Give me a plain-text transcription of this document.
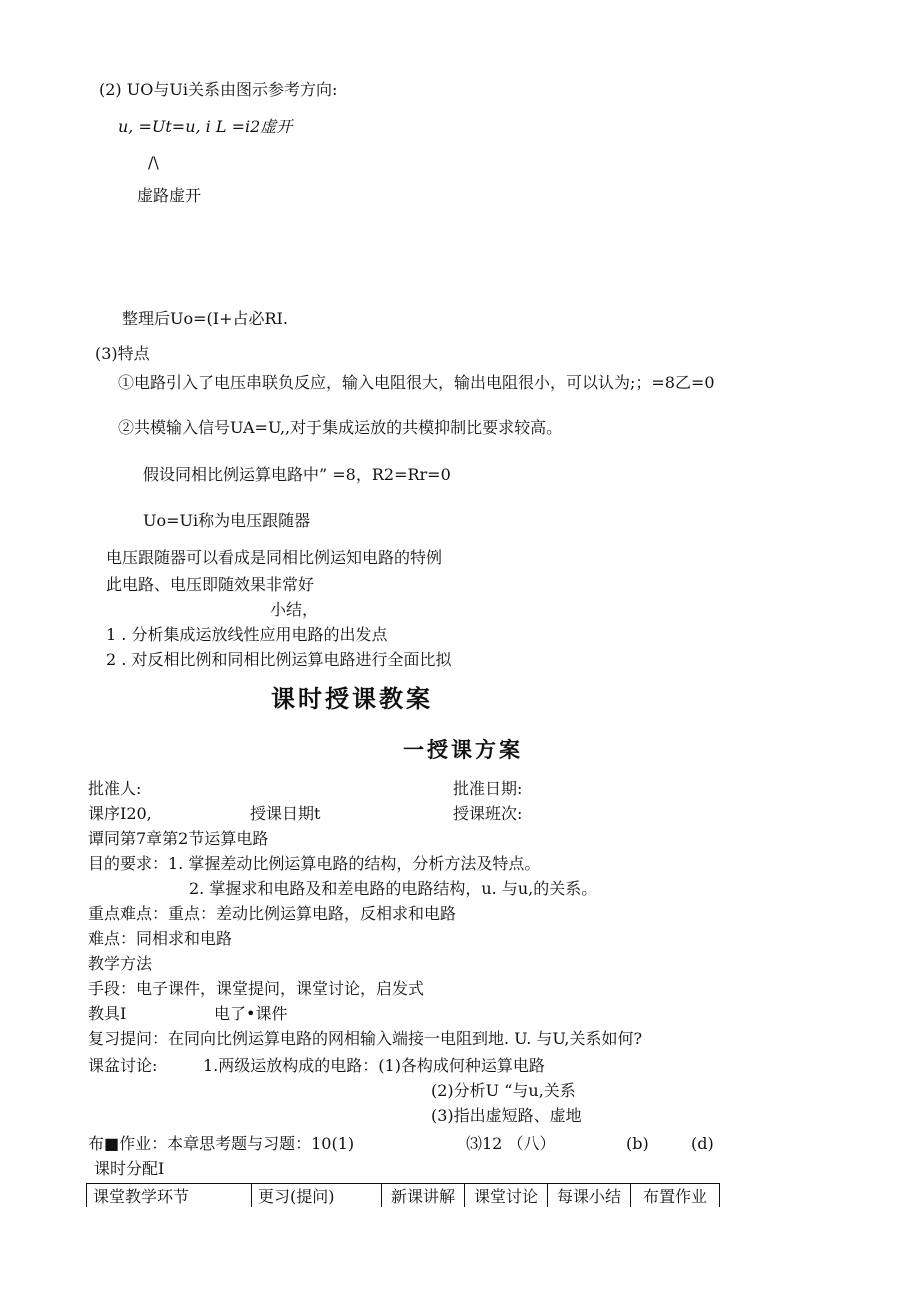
(2) UO与Ui关系由图示参考方向:
u, =Ut=u, i L =i2虚开
/\
虚路虚开
整理后Uo=(I+占必RI.
(3)特点
①电路引入了电压串联负反应，输入电阻很大，输出电阻很小，可以认为;；=8乙=0
②共模输入信号UA=U,,对于集成运放的共模抑制比要求较高。
假设同相比例运算电路中” =8，R2=Rr=0
Uo=Ui称为电压跟随器
电压跟随器可以看成是同相比例运知电路的特例
此电路、电压即随效果非常好
小结，
1 . 分析集成运放线性应用电路的出发点
2 . 对反相比例和同相比例运算电路进行全面比拟
课时授课教案
一授课方案
批准人:	批准日期:
课序I20,	授课日期t	授课班次:
谭同第7章第2节运算电路
目的要求：1. 掌握差动比例运算电路的结构，分析方法及特点。
2. 掌握求和电路及和差电路的电路结构，u. 与u,的关系。
重点难点：重点：差动比例运算电路，反相求和电路
难点：同相求和电路
教学方法
手段：电子课件，课堂提问，课堂讨论，启发式
教具I	电了•课件
复习提问：在同向比例运算电路的网相输入端接一电阻到地. U. 与U,关系如何?
课盆讨论:	1.两级运放构成的电路：(1)各构成何种运算电路
(2)分析U “与u,关系
(3)指出虚短路、虚地
布■作业：本章思考题与习题：10(1)	⑶12 （八）	(b)	(d)
课时分配I
课堂教学环节	更习(提问)	新课讲解	课堂讨论	每课小结	布置作业
